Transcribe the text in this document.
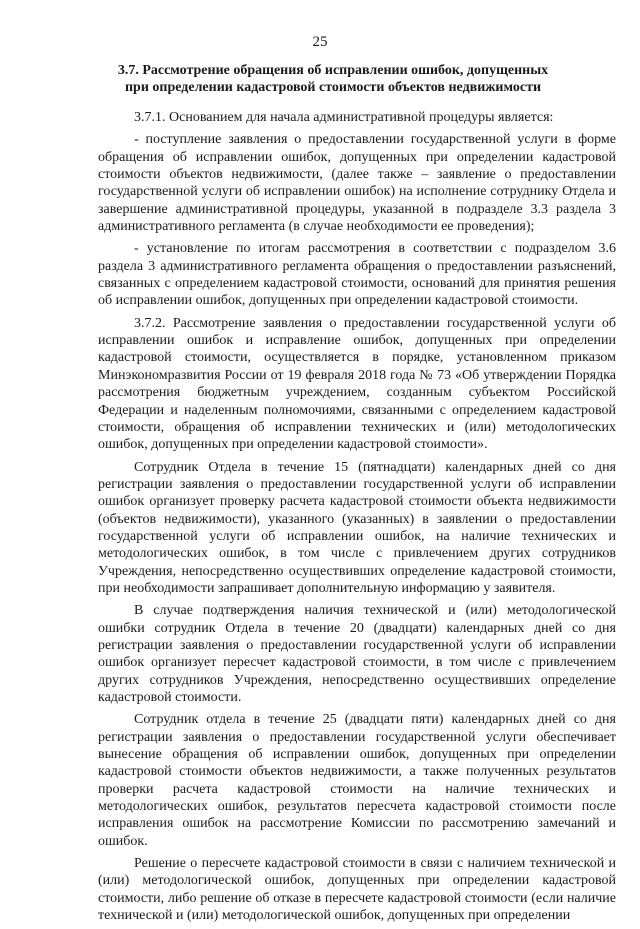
25
3.7. Рассмотрение обращения об исправлении ошибок, допущенных
при определении кадастровой стоимости объектов недвижимости

3.7.1. Основанием для начала административной процедуры является:

- поступление заявления о предоставлении государственной услуги в форме обращения об исправлении ошибок, допущенных при определении кадастровой стоимости объектов недвижимости, (далее также – заявление о предоставлении государственной услуги об исправлении ошибок) на исполнение сотруднику Отдела и завершение административной процедуры, указанной в подразделе 3.3 раздела 3 административного регламента (в случае необходимости ее проведения);

- установление по итогам рассмотрения в соответствии с подразделом 3.6 раздела 3 административного регламента обращения о предоставлении разъяснений, связанных с определением кадастровой стоимости, оснований для принятия решения об исправлении ошибок, допущенных при определении кадастровой стоимости.

3.7.2. Рассмотрение заявления о предоставлении государственной услуги об исправлении ошибок и исправление ошибок, допущенных при определении кадастровой стоимости, осуществляется в порядке, установленном приказом Минэкономразвития России от 19 февраля 2018 года № 73 «Об утверждении Порядка рассмотрения бюджетным учреждением, созданным субъектом Российской Федерации и наделенным полномочиями, связанными с определением кадастровой стоимости, обращения об исправлении технических и (или) методологических ошибок, допущенных при определении кадастровой стоимости».

Сотрудник Отдела в течение 15 (пятнадцати) календарных дней со дня регистрации заявления о предоставлении государственной услуги об исправлении ошибок организует проверку расчета кадастровой стоимости объекта недвижимости (объектов недвижимости), указанного (указанных) в заявлении о предоставлении государственной услуги об исправлении ошибок, на наличие технических и методологических ошибок, в том числе с привлечением других сотрудников Учреждения, непосредственно осуществивших определение кадастровой стоимости, при необходимости запрашивает дополнительную информацию у заявителя.

В случае подтверждения наличия технической и (или) методологической ошибки сотрудник Отдела в течение 20 (двадцати) календарных дней со дня регистрации заявления о предоставлении государственной услуги об исправлении ошибок организует пересчет кадастровой стоимости, в том числе с привлечением других сотрудников Учреждения, непосредственно осуществивших определение кадастровой стоимости.

Сотрудник отдела в течение 25 (двадцати пяти) календарных дней со дня регистрации заявления о предоставлении государственной услуги обеспечивает вынесение обращения об исправлении ошибок, допущенных при определении кадастровой стоимости объектов недвижимости, а также полученных результатов проверки расчета кадастровой стоимости на наличие технических и методологических ошибок, результатов пересчета кадастровой стоимости после исправления ошибок на рассмотрение Комиссии по рассмотрению замечаний и ошибок.

Решение о пересчете кадастровой стоимости в связи с наличием технической и (или) методологической ошибок, допущенных при определении кадастровой стоимости, либо решение об отказе в пересчете кадастровой стоимости (если наличие технической и (или) методологической ошибок, допущенных при определении
